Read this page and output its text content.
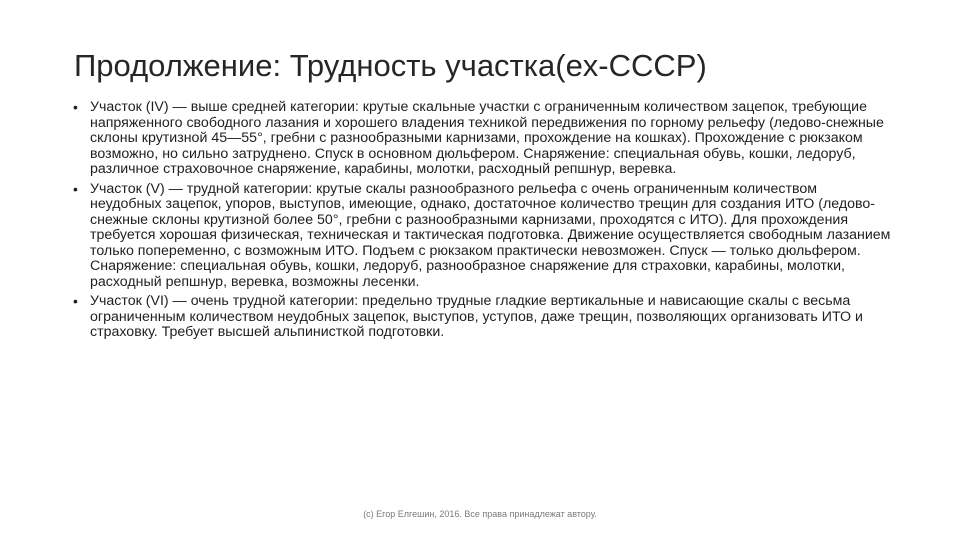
Продолжение: Трудность участка(ex-СССР)
• Участок (IV) — выше средней категории: крутые скальные участки с ограниченным количеством зацепок, требующие напряженного свободного лазания и хорошего владения техникой передвижения по горному рельефу (ледово-снежные склоны крутизной 45—55°, гребни с разнообразными карнизами, прохождение на кошках). Прохождение с рюкзаком возможно, но сильно затруднено. Спуск в основном дюльфером. Снаряжение: специальная обувь, кошки, ледоруб, различное страховочное снаряжение, карабины, молотки, расходный репшнур, веревка.
• Участок (V) — трудной категории: крутые скалы разнообразного рельефа с очень ограниченным количеством неудобных зацепок, упоров, выступов, имеющие, однако, достаточное количество трещин для создания ИТО (ледово-снежные склоны крутизной более 50°, гребни с разнообразными карнизами, проходятся с ИТО). Для прохождения требуется хорошая физическая, техническая и тактическая подготовка. Движение осуществляется свободным лазанием только попеременно, с возможным ИТО. Подъем с рюкзаком практически невозможен. Спуск — только дюльфером. Снаряжение: специальная обувь, кошки, ледоруб, разнообразное снаряжение для страховки, карабины, молотки, расходный репшнур, веревка, возможны лесенки.
• Участок (VI) — очень трудной категории: предельно трудные гладкие вертикальные и нависающие скалы с весьма ограниченным количеством неудобных зацепок, выступов, уступов, даже трещин, позволяющих организовать ИТО и страховку. Требует высшей альпинисткой подготовки.
(c) Егор Елгешин, 2016. Все права принадлежат автору.
